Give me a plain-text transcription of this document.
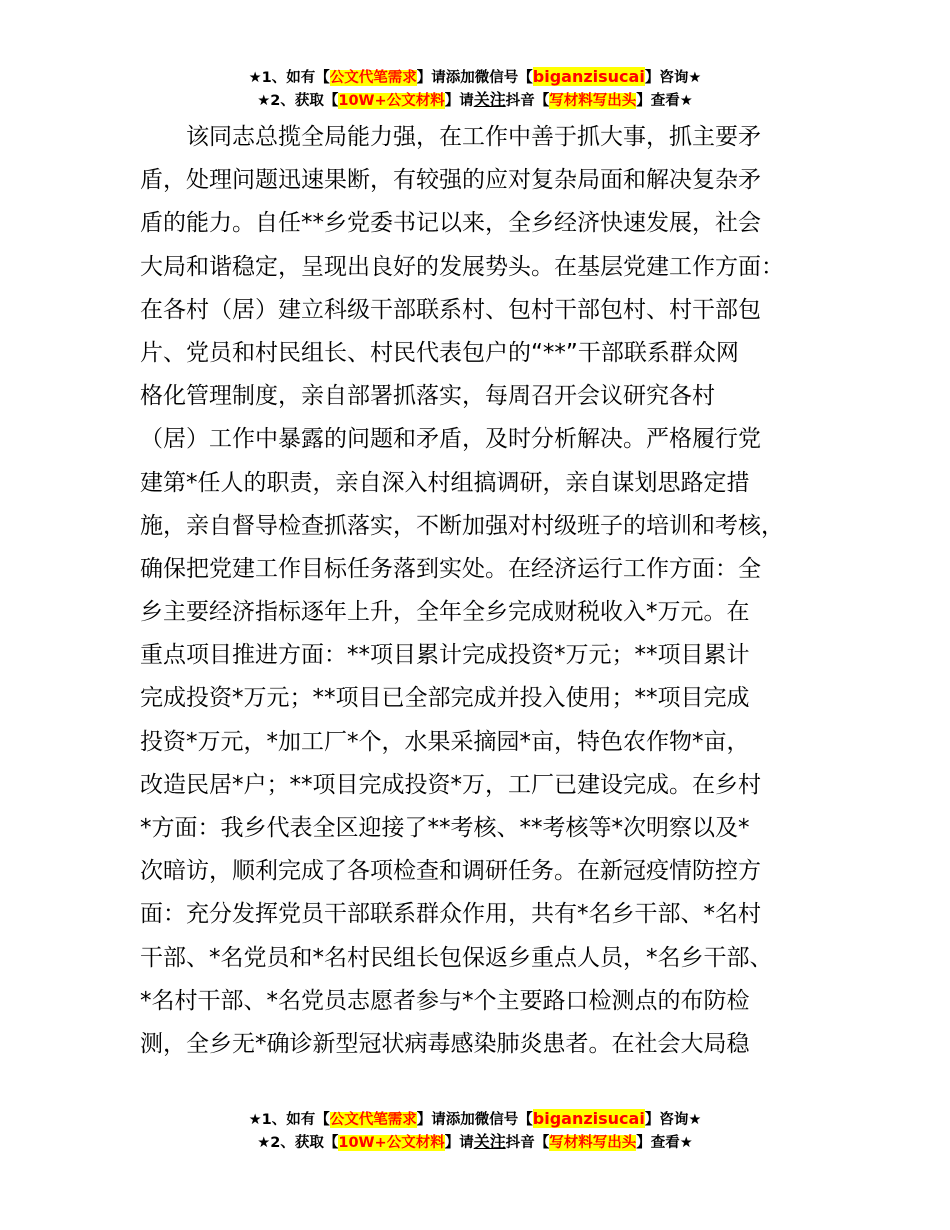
★1、如有【公文代笔需求】请添加微信号【biganzisucai】咨询★
★2、获取【10W+公文材料】请关注抖音【写材料写出头】查看★
　　该同志总揽全局能力强，在工作中善于抓大事，抓主要矛
盾，处理问题迅速果断，有较强的应对复杂局面和解决复杂矛
盾的能力。自任**乡党委书记以来，全乡经济快速发展，社会
大局和谐稳定，呈现出良好的发展势头。在基层党建工作方面：
在各村（居）建立科级干部联系村、包村干部包村、村干部包
片、党员和村民组长、村民代表包户的“**”干部联系群众网
格化管理制度，亲自部署抓落实，每周召开会议研究各村
（居）工作中暴露的问题和矛盾，及时分析解决。严格履行党
建第*任人的职责，亲自深入村组搞调研，亲自谋划思路定措
施，亲自督导检查抓落实，不断加强对村级班子的培训和考核，
确保把党建工作目标任务落到实处。在经济运行工作方面：全
乡主要经济指标逐年上升，全年全乡完成财税收入*万元。在
重点项目推进方面：**项目累计完成投资*万元；**项目累计
完成投资*万元；**项目已全部完成并投入使用；**项目完成
投资*万元，*加工厂*个，水果采摘园*亩，特色农作物*亩，
改造民居*户；**项目完成投资*万，工厂已建设完成。在乡村
*方面：我乡代表全区迎接了**考核、**考核等*次明察以及*
次暗访，顺利完成了各项检查和调研任务。在新冠疫情防控方
面：充分发挥党员干部联系群众作用，共有*名乡干部、*名村
干部、*名党员和*名村民组长包保返乡重点人员，*名乡干部、
*名村干部、*名党员志愿者参与*个主要路口检测点的布防检
测，全乡无*确诊新型冠状病毒感染肺炎患者。在社会大局稳
★1、如有【公文代笔需求】请添加微信号【biganzisucai】咨询★
★2、获取【10W+公文材料】请关注抖音【写材料写出头】查看★
